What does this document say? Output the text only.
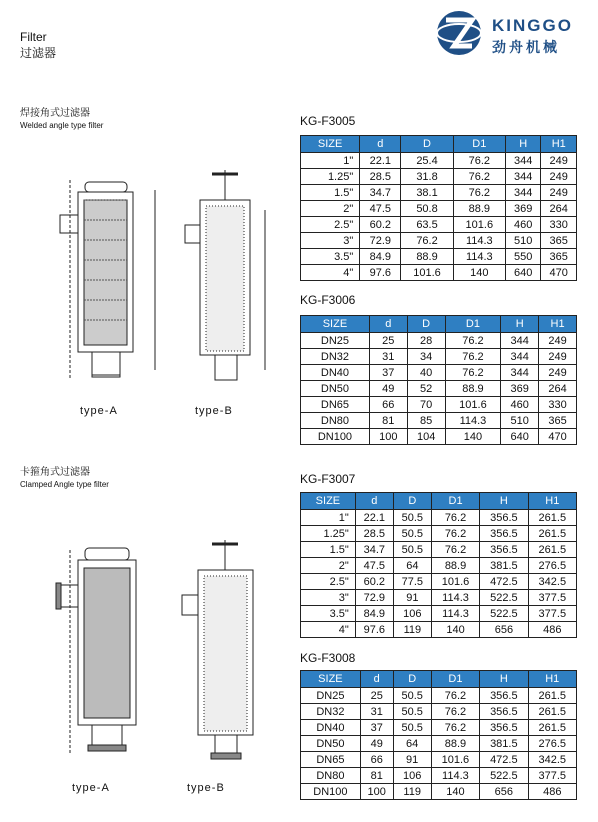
Filter
过滤器
KINGGO
劲舟机械
焊接角式过滤器
Welded angle type filter
type-A	type-B
卡箍角式过滤器
Clamped Angle type filter
type-A	type-B
KG-F3005
SIZE	d	D	D1	H	H1
1"	22.1	25.4	76.2	344	249
1.25"	28.5	31.8	76.2	344	249
1.5"	34.7	38.1	76.2	344	249
2"	47.5	50.8	88.9	369	264
2.5"	60.2	63.5	101.6	460	330
3"	72.9	76.2	114.3	510	365
3.5"	84.9	88.9	114.3	550	365
4"	97.6	101.6	140	640	470
KG-F3006
SIZE	d	D	D1	H	H1
DN25	25	28	76.2	344	249
DN32	31	34	76.2	344	249
DN40	37	40	76.2	344	249
DN50	49	52	88.9	369	264
DN65	66	70	101.6	460	330
DN80	81	85	114.3	510	365
DN100	100	104	140	640	470
KG-F3007
SIZE	d	D	D1	H	H1
1"	22.1	50.5	76.2	356.5	261.5
1.25"	28.5	50.5	76.2	356.5	261.5
1.5"	34.7	50.5	76.2	356.5	261.5
2"	47.5	64	88.9	381.5	276.5
2.5"	60.2	77.5	101.6	472.5	342.5
3"	72.9	91	114.3	522.5	377.5
3.5"	84.9	106	114.3	522.5	377.5
4"	97.6	119	140	656	486
KG-F3008
SIZE	d	D	D1	H	H1
DN25	25	50.5	76.2	356.5	261.5
DN32	31	50.5	76.2	356.5	261.5
DN40	37	50.5	76.2	356.5	261.5
DN50	49	64	88.9	381.5	276.5
DN65	66	91	101.6	472.5	342.5
DN80	81	106	114.3	522.5	377.5
DN100	100	119	140	656	486
